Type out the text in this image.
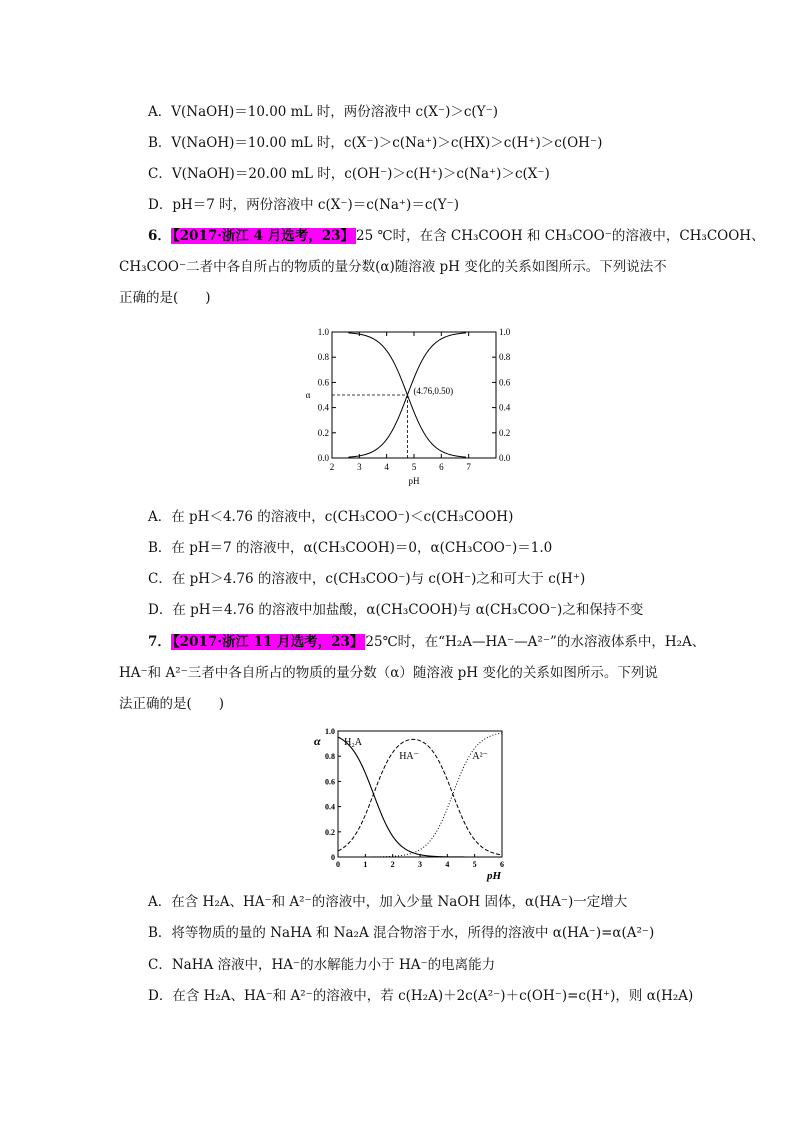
A．V(NaOH)＝10.00 mL 时，两份溶液中 c(X⁻)＞c(Y⁻)
B．V(NaOH)＝10.00 mL 时，c(X⁻)＞c(Na⁺)＞c(HX)＞c(H⁺)＞c(OH⁻)
C．V(NaOH)＝20.00 mL 时，c(OH⁻)＞c(H⁺)＞c(Na⁺)＞c(X⁻)
D．pH＝7 时，两份溶液中 c(X⁻)＝c(Na⁺)＝c(Y⁻)
6． 【2017·浙江 4 月选考，23】 25 ℃时，在含 CH₃COOH 和 CH₃COO⁻的溶液中，CH₃COOH、
CH₃COO⁻二者中各自所占的物质的量分数(α)随溶液 pH 变化的关系如图所示。下列说法不
正确的是(　　)
2	3	4	5	6	7
0.0	0.0
0.2	0.2
0.4	0.4
0.6	0.6
0.8	0.8
1.0	1.0
pH
α	(4.76,0.50)
A．在 pH＜4.76 的溶液中，c(CH₃COO⁻)＜c(CH₃COOH)
B．在 pH＝7 的溶液中，α(CH₃COOH)＝0，α(CH₃COO⁻)＝1.0
C．在 pH＞4.76 的溶液中，c(CH₃COO⁻)与 c(OH⁻)之和可大于 c(H⁺)
D．在 pH＝4.76 的溶液中加盐酸，α(CH₃COOH)与 α(CH₃COO⁻)之和保持不变
7． 【2017·浙江 11 月选考，23】 25℃时，在“H₂A—HA⁻—A²⁻”的水溶液体系中，H₂A、
HA⁻和 A²⁻三者中各自所占的物质的量分数（α）随溶液 pH 变化的关系如图所示。下列说
法正确的是(　　)
0	1	2	3	4	5	6
0
0.2
0.4
0.6
0.8
1.0
pH
α H₂A
HA⁻	A²⁻
A．在含 H₂A、HA⁻和 A²⁻的溶液中，加入少量 NaOH 固体，α(HA⁻)一定增大
B．将等物质的量的 NaHA 和 Na₂A 混合物溶于水，所得的溶液中 α(HA⁻)=α(A²⁻)
C．NaHA 溶液中，HA⁻的水解能力小于 HA⁻的电离能力
D．在含 H₂A、HA⁻和 A²⁻的溶液中，若 c(H₂A)＋2c(A²⁻)＋c(OH⁻)=c(H⁺)，则 α(H₂A)
